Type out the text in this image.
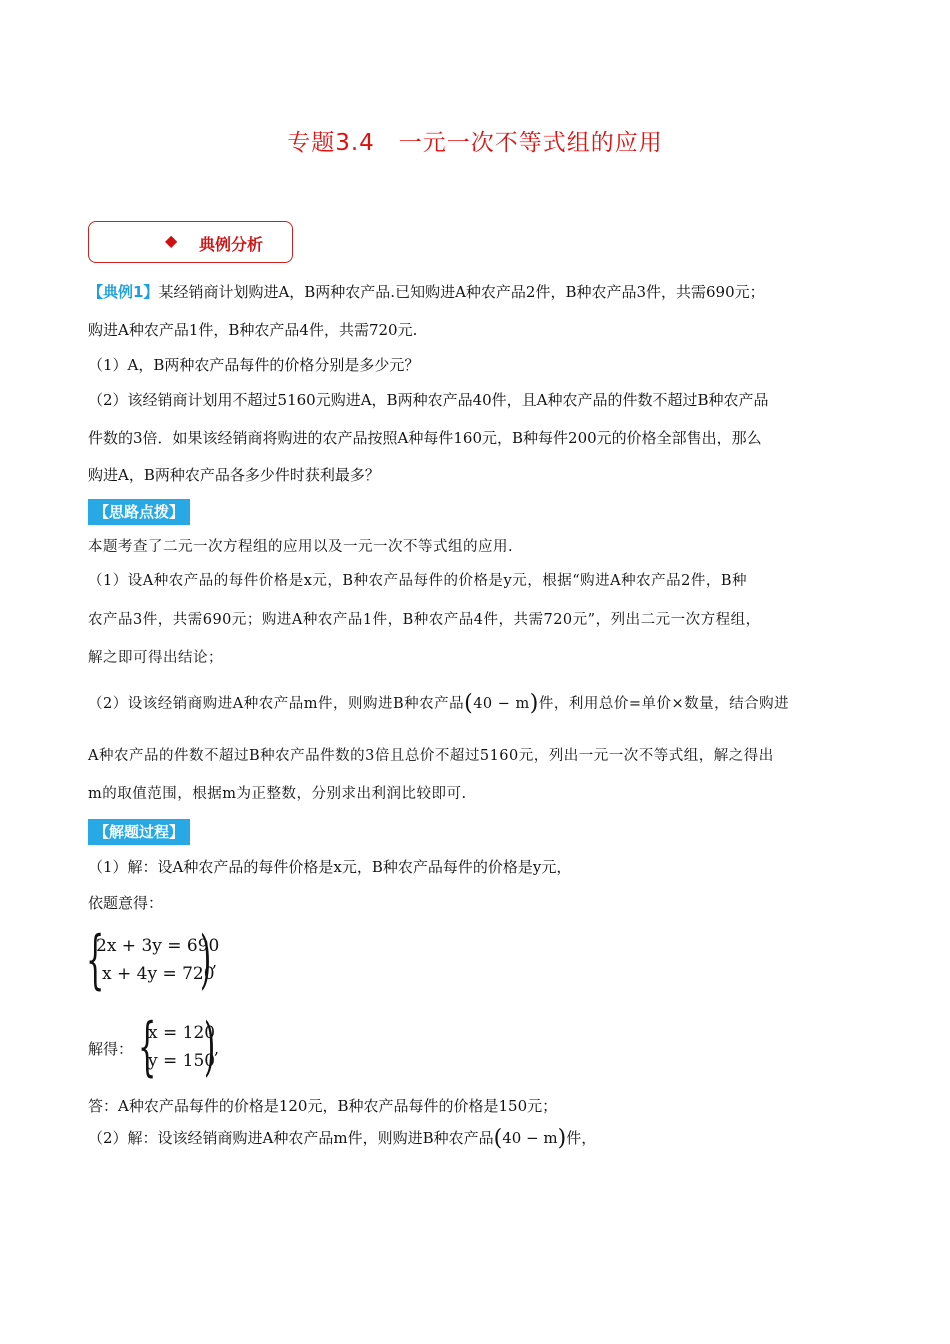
专题3.4　一元一次不等式组的应用
◆ 典例分析
【典例1】某经销商计划购进A，B两种农产品.已知购进A种农产品2件，B种农产品3件，共需690元；
购进A种农产品1件，B种农产品4件，共需720元.
（1）A，B两种农产品每件的价格分别是多少元？
（2）该经销商计划用不超过5160元购进A，B两种农产品40件，且A种农产品的件数不超过B种农产品
件数的3倍．如果该经销商将购进的农产品按照A种每件160元，B种每件200元的价格全部售出，那么
购进A，B两种农产品各多少件时获利最多？
【思路点拨】
本题考查了二元一次方程组的应用以及一元一次不等式组的应用.
（1）设A种农产品的每件价格是x元，B种农产品每件的价格是y元，根据“购进A种农产品2件，B种
农产品3件，共需690元；购进A种农产品1件，B种农产品4件，共需720元”，列出二元一次方程组，
解之即可得出结论；
（2）设该经销商购进A种农产品m件，则购进B种农产品(40 − m)件，利用总价=单价×数量，结合购进
A种农产品的件数不超过B种农产品件数的3倍且总价不超过5160元，列出一元一次不等式组，解之得出
m的取值范围，根据m为正整数，分别求出利润比较即可.
【解题过程】
（1）解：设A种农产品的每件价格是x元，B种农产品每件的价格是y元，
依题意得：
{
2x + 3y = 690
x + 4y = 720
) ,
解得： {
x = 120
y = 150
)
,
答：A种农产品每件的价格是120元，B种农产品每件的价格是150元；
（2）解：设该经销商购进A种农产品m件，则购进B种农产品(40 − m)件，
